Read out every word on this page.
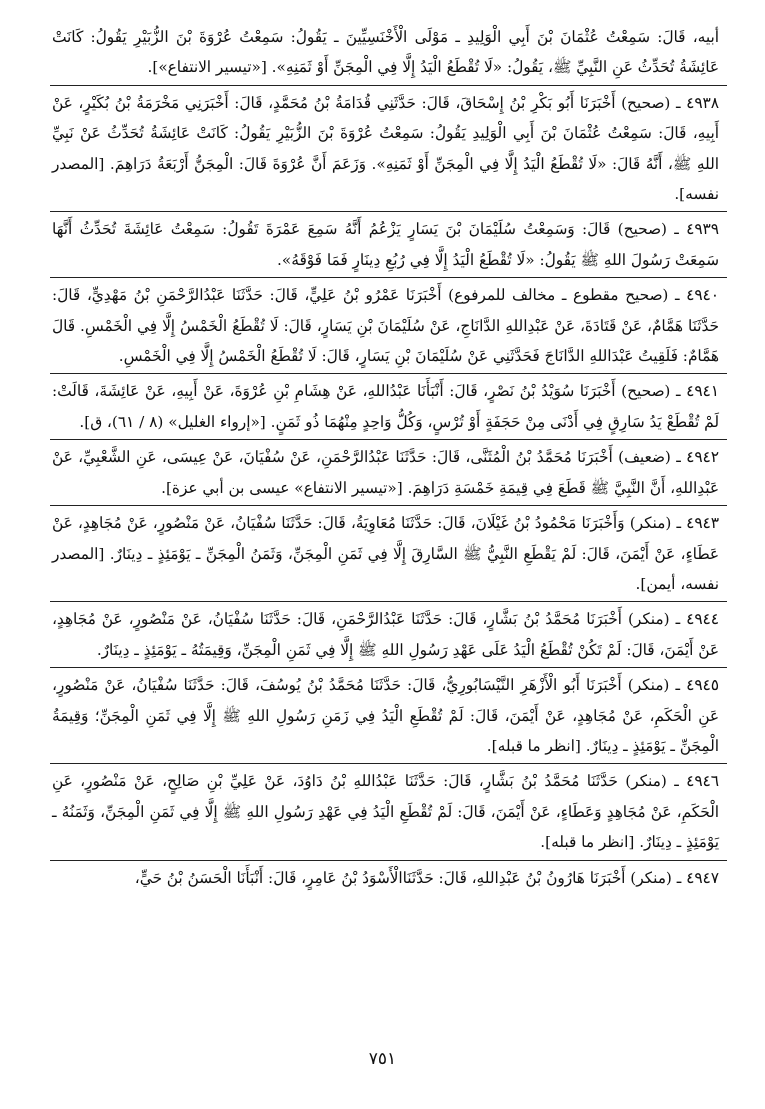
أبيه، قَالَ: سَمِعْتُ عُثْمَانَ بْنَ أَبِي الْوَلِيدِ ـ مَوْلَى الْأَخْنَسِيِّينَ ـ يَقُولُ: سَمِعْتُ عُرْوَةَ بْنَ الزُّبَيْرِ يَقُولُ: كَانَتْ عَائِشَةُ تُحَدِّثُ عَنِ النَّبِيِّ ﷺ، يَقُولُ: «لَا تُقْطَعُ الْيَدُ إِلَّا فِي الْمِجَنِّ أَوْ ثَمَنِهِ». [«تيسير الانتفاع»].

٤٩٣٨ ـ (صحيح) أَخْبَرَنَا أَبُو بَكْرِ بْنُ إِسْحَاقَ، قَالَ: حَدَّثَنِي قُدَامَةُ بْنُ مُحَمَّدٍ، قَالَ: أَخْبَرَنِي مَخْرَمَةُ بْنُ بُكَيْرٍ، عَنْ أَبِيهِ، قَالَ: سَمِعْتُ عُثْمَانَ بْنَ أَبِي الْوَلِيدِ يَقُولُ: سَمِعْتُ عُرْوَةَ بْنَ الزُّبَيْرِ يَقُولُ: كَانَتْ عَائِشَةُ تُحَدِّثُ عَنْ نَبِيِّ اللهِ ﷺ، أَنَّهُ قَالَ: «لَا تُقْطَعُ الْيَدُ إِلَّا فِي الْمِجَنِّ أَوْ ثَمَنِهِ». وَزَعَمَ أَنَّ عُرْوَةَ قَالَ: الْمِجَنُّ أَرْبَعَةُ دَرَاهِمَ. [المصدر نفسه].

٤٩٣٩ ـ (صحيح) قَالَ: وَسَمِعْتُ سُلَيْمَانَ بْنَ يَسَارٍ يَزْعُمُ أَنَّهُ سَمِعَ عَمْرَةَ تَقُولُ: سَمِعْتُ عَائِشَةَ تُحَدِّثُ أَنَّهَا سَمِعَتْ رَسُولَ اللهِ ﷺ يَقُولُ: «لَا تُقْطَعُ الْيَدُ إِلَّا فِي رُبُعِ دِينَارٍ فَمَا فَوْقَهُ».

٤٩٤٠ ـ (صحيح مقطوع ـ مخالف للمرفوع) أَخْبَرَنَا عَمْرُو بْنُ عَلِيٍّ، قَالَ: حَدَّثَنَا عَبْدُالرَّحْمَنِ بْنُ مَهْدِيٍّ، قَالَ: حَدَّثَنَا هَمَّامٌ، عَنْ قَتَادَةَ، عَنْ عَبْدِاللهِ الدَّانَاجِ، عَنْ سُلَيْمَانَ بْنِ يَسَارٍ، قَالَ: لَا تُقْطَعُ الْخَمْسُ إِلَّا فِي الْخَمْسِ. قَالَ هَمَّامٌ: فَلَقِيتُ عَبْدَاللهِ الدَّانَاجَ فَحَدَّثَنِي عَنْ سُلَيْمَانَ بْنِ يَسَارٍ، قَالَ: لَا تُقْطَعُ الْخَمْسُ إِلَّا فِي الْخَمْسِ.

٤٩٤١ ـ (صحيح) أَخْبَرَنَا سُوَيْدُ بْنُ نَصْرٍ، قَالَ: أَنْبَأَنَا عَبْدُاللهِ، عَنْ هِشَامِ بْنِ عُرْوَةَ، عَنْ أَبِيهِ، عَنْ عَائِشَةَ، قَالَتْ: لَمْ تُقْطَعْ يَدُ سَارِقٍ فِي أَدْنَى مِنْ حَجَفَةٍ أَوْ تُرْسٍ، وَكُلُّ وَاحِدٍ مِنْهُمَا ذُو ثَمَنٍ. [«إرواء الغليل» (٨ / ٦١)، ق].

٤٩٤٢ ـ (ضعيف) أَخْبَرَنَا مُحَمَّدُ بْنُ الْمُثَنَّى، قَالَ: حَدَّثَنَا عَبْدُالرَّحْمَنِ، عَنْ سُفْيَانَ، عَنْ عِيسَى، عَنِ الشَّعْبِيِّ، عَنْ عَبْدِاللهِ، أَنَّ النَّبِيَّ ﷺ قَطَعَ فِي قِيمَةِ خَمْسَةِ دَرَاهِمَ. [«تيسير الانتفاع» عيسى بن أبي عزة].

٤٩٤٣ ـ (منكر) وَأَخْبَرَنَا مَحْمُودُ بْنُ غَيْلَانَ، قَالَ: حَدَّثَنَا مُعَاوِيَةُ، قَالَ: حَدَّثَنَا سُفْيَانُ، عَنْ مَنْصُورٍ، عَنْ مُجَاهِدٍ، عَنْ عَطَاءٍ، عَنْ أَيْمَنَ، قَالَ: لَمْ يَقْطَعِ النَّبِيُّ ﷺ السَّارِقَ إِلَّا فِي ثَمَنِ الْمِجَنِّ، وَثَمَنُ الْمِجَنِّ ـ يَوْمَئِذٍ ـ دِينَارٌ. [المصدر نفسه، أيمن].

٤٩٤٤ ـ (منكر) أَخْبَرَنَا مُحَمَّدُ بْنُ بَشَّارٍ، قَالَ: حَدَّثَنَا عَبْدُالرَّحْمَنِ، قَالَ: حَدَّثَنَا سُفْيَانُ، عَنْ مَنْصُورٍ، عَنْ مُجَاهِدٍ، عَنْ أَيْمَنَ، قَالَ: لَمْ تَكُنْ تُقْطَعُ الْيَدُ عَلَى عَهْدِ رَسُولِ اللهِ ﷺ إِلَّا فِي ثَمَنِ الْمِجَنِّ، وَقِيمَتُهُ ـ يَوْمَئِذٍ ـ دِينَارٌ.

٤٩٤٥ ـ (منكر) أَخْبَرَنَا أَبُو الْأَزْهَرِ النَّيْسَابُورِيُّ، قَالَ: حَدَّثَنَا مُحَمَّدُ بْنُ يُوسُفَ، قَالَ: حَدَّثَنَا سُفْيَانُ، عَنْ مَنْصُورٍ، عَنِ الْحَكَمِ، عَنْ مُجَاهِدٍ، عَنْ أَيْمَنَ، قَالَ: لَمْ تُقْطَعِ الْيَدُ فِي زَمَنِ رَسُولِ اللهِ ﷺ إِلَّا فِي ثَمَنِ الْمِجَنِّ؛ وَقِيمَةُ الْمِجَنِّ ـ يَوْمَئِذٍ ـ دِينَارٌ. [انظر ما قبله].

٤٩٤٦ ـ (منكر) حَدَّثَنَا مُحَمَّدُ بْنُ بَشَّارٍ، قَالَ: حَدَّثَنَا عَبْدُاللهِ بْنُ دَاوُدَ، عَنْ عَلِيِّ بْنِ صَالِحٍ، عَنْ مَنْصُورٍ، عَنِ الْحَكَمِ، عَنْ مُجَاهِدٍ وَعَطَاءٍ، عَنْ أَيْمَنَ، قَالَ: لَمْ تُقْطَعِ الْيَدُ فِي عَهْدِ رَسُولِ اللهِ ﷺ إِلَّا فِي ثَمَنِ الْمِجَنِّ، وَثَمَنُهُ ـ يَوْمَئِذٍ ـ دِينَارٌ. [انظر ما قبله].

٤٩٤٧ ـ (منكر) أَخْبَرَنَا هَارُونُ بْنُ عَبْدِاللهِ، قَالَ: حَدَّثَنَاالْأَسْوَدُ بْنُ عَامِرٍ، قَالَ: أَنْبَأَنَا الْحَسَنُ بْنُ حَيٍّ،

٧٥١
